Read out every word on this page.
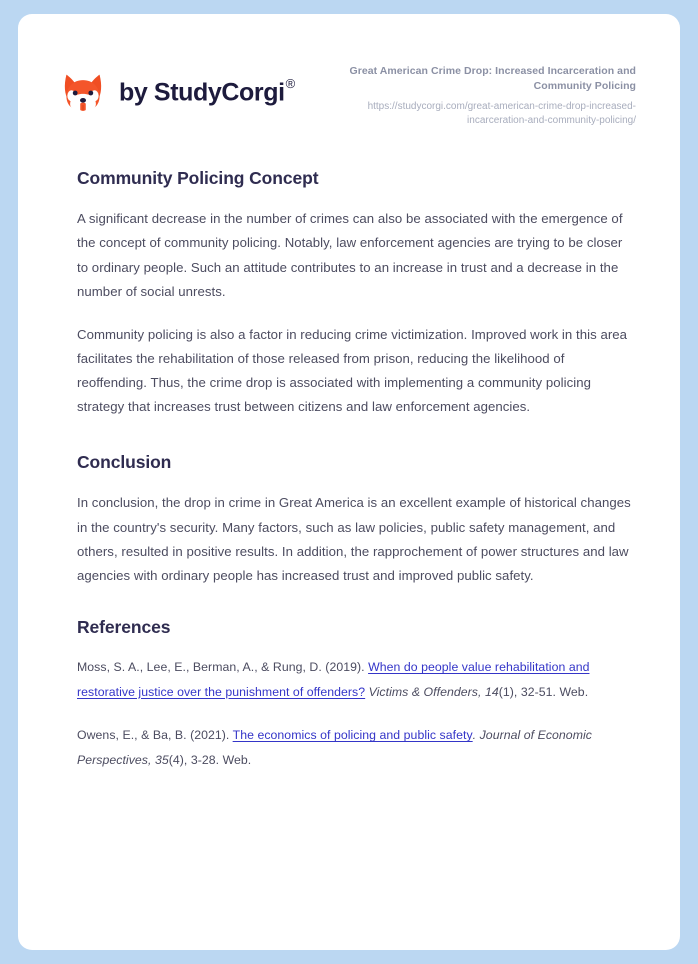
by StudyCorgi®
Great American Crime Drop: Increased Incarceration and Community Policing
https://studycorgi.com/great-american-crime-drop-increased-incarceration-and-community-policing/
Community Policing Concept

A significant decrease in the number of crimes can also be associated with the emergence of the concept of community policing. Notably, law enforcement agencies are trying to be closer to ordinary people. Such an attitude contributes to an increase in trust and a decrease in the number of social unrests.

Community policing is also a factor in reducing crime victimization. Improved work in this area facilitates the rehabilitation of those released from prison, reducing the likelihood of reoffending. Thus, the crime drop is associated with implementing a community policing strategy that increases trust between citizens and law enforcement agencies.

Conclusion

In conclusion, the drop in crime in Great America is an excellent example of historical changes in the country's security. Many factors, such as law policies, public safety management, and others, resulted in positive results. In addition, the rapprochement of power structures and law agencies with ordinary people has increased trust and improved public safety.

References

Moss, S. A., Lee, E., Berman, A., & Rung, D. (2019). When do people value rehabilitation and restorative justice over the punishment of offenders? Victims & Offenders, 14(1), 32-51. Web.

Owens, E., & Ba, B. (2021). The economics of policing and public safety. Journal of Economic Perspectives, 35(4), 3-28. Web.
